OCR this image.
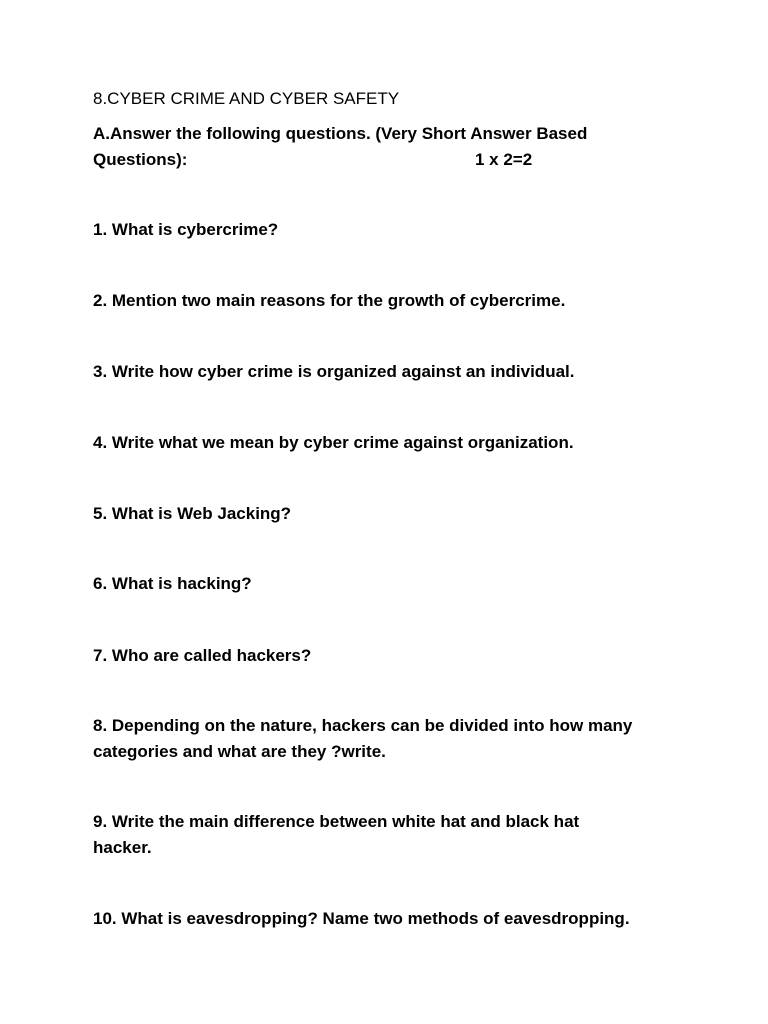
8.CYBER CRIME AND CYBER SAFETY
A.Answer the following questions. (Very Short Answer Based
Questions):	1 x 2=2
1. What is cybercrime?
2. Mention two main reasons for the growth of cybercrime.
3. Write how cyber crime is organized against an individual.
4. Write what we mean by cyber crime against organization.
5. What is Web Jacking?
6. What is hacking?
7. Who are called hackers?
8. Depending on the nature, hackers can be divided into how many
categories and what are they ?write.
9. Write the main difference between white hat and black hat
hacker.
10. What is eavesdropping? Name two methods of eavesdropping.
